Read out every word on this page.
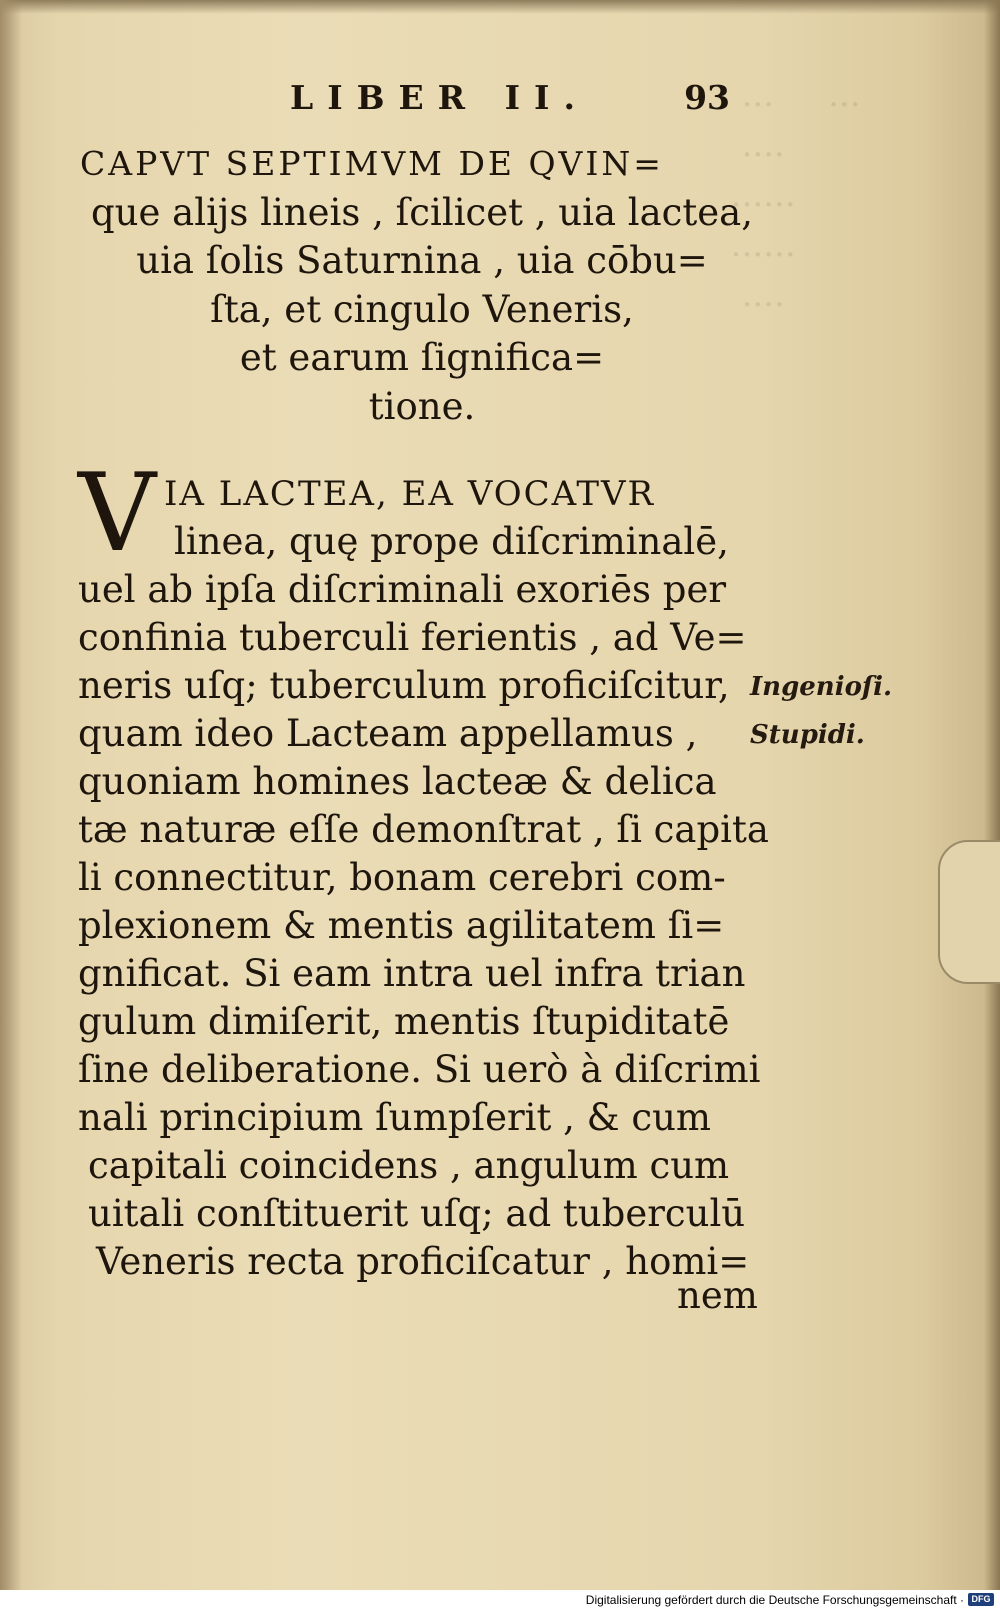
...     ...
....
......
......
....
LIBER II.	93
CAPVT SEPTIMVM DE QVIN=
que alijs lineis , ſcilicet , uia lactea,
uia ſolis Saturnina , uia cōbu=
ſta, et cingulo Veneris,
et earum ſignifica=
tione.
V IA LACTEA, EA VOCATVR
linea, quę prope diſcriminalē,
uel ab ipſa diſcriminali exoriēs per
confinia tuberculi ferientis , ad Ve=
neris uſq; tuberculum proficiſcitur,
quam ideo Lacteam appellamus ,
quoniam homines lacteæ & delica
tæ naturæ eſſe demonſtrat , ſi capita
li connectitur, bonam cerebri com-
plexionem & mentis agilitatem ſi=
gnificat. Si eam intra uel infra trian
gulum dimiſerit, mentis ſtupiditatē
ſine deliberatione. Si uerò à diſcrimi
nali principium ſumpſerit , & cum
capitali coincidens , angulum cum
uitali conſtituerit uſq; ad tuberculū
Veneris recta proficiſcatur , homi=
nem
Ingenioſi.
Stupidi.
Digitalisierung gefördert durch die Deutsche Forschungsgemeinschaft · DFG
